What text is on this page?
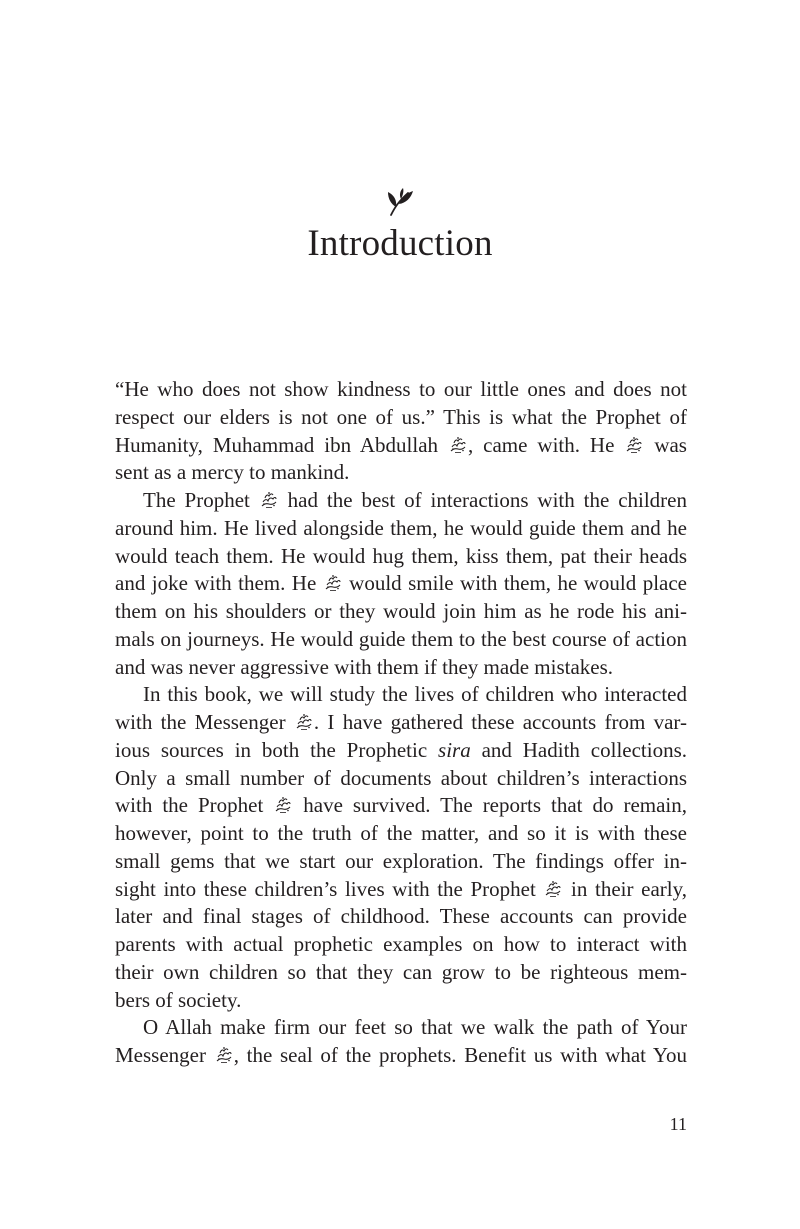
Introduction
“He who does not show kindness to our little ones and does not
respect our elders is not one of us.” This is what the Prophet of
Humanity, Muhammad ibn Abdullah
, came with. He
was
sent as a mercy to mankind.
The Prophet
had the best of interactions with the children
around him. He lived alongside them, he would guide them and he
would teach them. He would hug them, kiss them, pat their heads
and joke with them. He
would smile with them, he would place
them on his shoulders or they would join him as he rode his ani-
mals on journeys. He would guide them to the best course of action
and was never aggressive with them if they made mistakes.
In this book, we will study the lives of children who interacted
with the Messenger
. I have gathered these accounts from var-
ious sources in both the Prophetic sira and Hadith collections.
Only a small number of documents about children’s interactions
with the Prophet
have survived. The reports that do remain,
however, point to the truth of the matter, and so it is with these
small gems that we start our exploration. The findings offer in-
sight into these children’s lives with the Prophet
in their early,
later and final stages of childhood. These accounts can provide
parents with actual prophetic examples on how to interact with
their own children so that they can grow to be righteous mem-
bers of society.
O Allah make firm our feet so that we walk the path of Your
Messenger
, the seal of the prophets. Benefit us with what You
11
